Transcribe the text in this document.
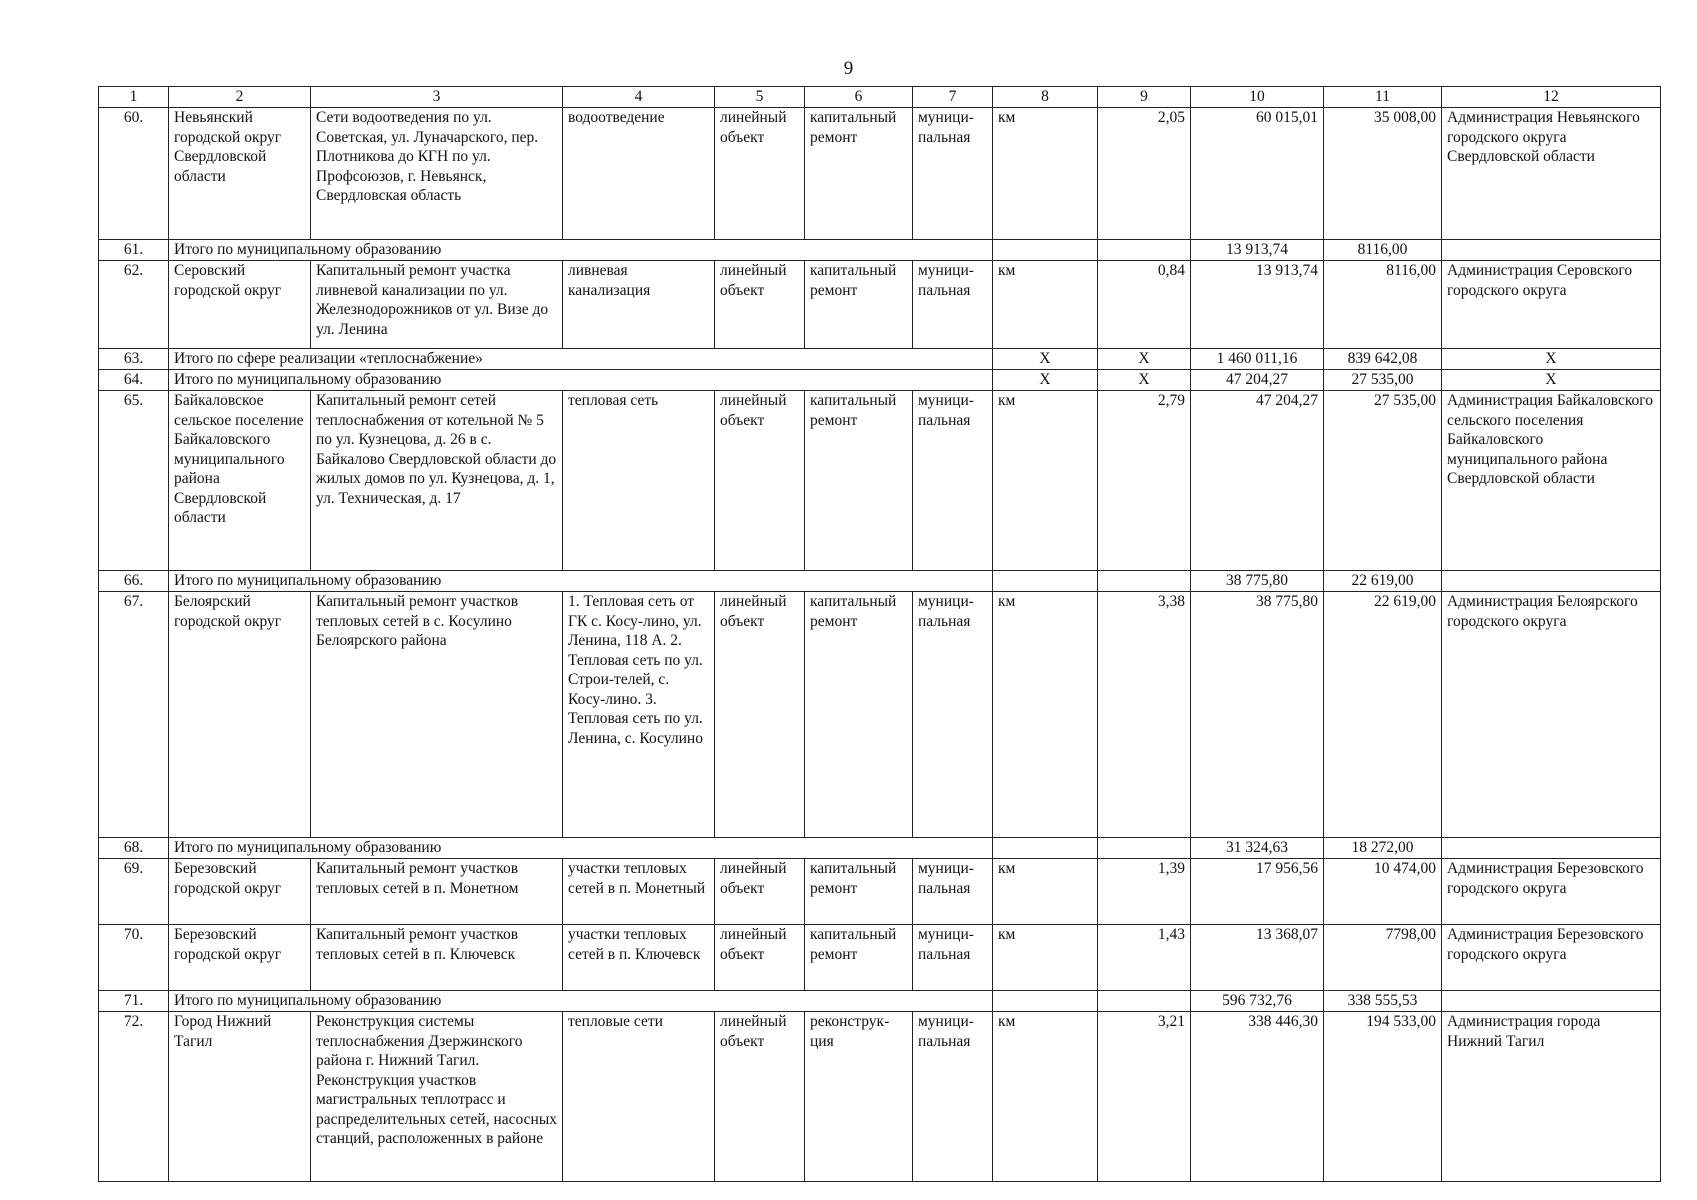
9
1	2	3	4	5	6	7	8	9	10	11	12
60.	Невьянский городской округ Свердловской области	Сети водоотведения по ул. Советская, ул. Луначарского, пер. Плотникова до КГН по ул. Профсоюзов, г. Невьянск, Свердловская область	водоотведение	линейный объект	капитальный ремонт	муници-пальная	км	2,05	60 015,01	35 008,00	Администрация Невьянского городского округа Свердловской области
61.	Итого по муниципальному образованию								13 913,74	8116,00	
62.	Серовский городской округ	Капитальный ремонт участка ливневой канализации по ул. Железнодорожников от ул. Визе до ул. Ленина	ливневая канализация	линейный объект	капитальный ремонт	муници-пальная	км	0,84	13 913,74	8116,00	Администрация Серовского городского округа
63.	Итого по сфере реализации «теплоснабжение»						Х	Х	1 460 011,16	839 642,08	Х
64.	Итого по муниципальному образованию						Х	Х	47 204,27	27 535,00	Х
65.	Байкаловское сельское поселение Байкаловского муниципального района Свердловской области	Капитальный ремонт сетей теплоснабжения от котельной № 5 по ул. Кузнецова, д. 26 в с. Байкалово Свердловской области до жилых домов по ул. Кузнецова, д. 1, ул. Техническая, д. 17	тепловая сеть	линейный объект	капитальный ремонт	муници-пальная	км	2,79	47 204,27	27 535,00	Администрация Байкаловского сельского поселения Байкаловского муниципального района Свердловской области
66.	Итого по муниципальному образованию								38 775,80	22 619,00	
67.	Белоярский городской округ	Капитальный ремонт участков тепловых сетей в с. Косулино Белоярского района	1. Тепловая сеть от ГК с. Косу-лино, ул. Ленина, 118 А. 2. Тепловая сеть по ул. Строи-телей, с. Косу-лино. 3. Тепловая сеть по ул. Ленина, с. Косулино	линейный объект	капитальный ремонт	муници-пальная	км	3,38	38 775,80	22 619,00	Администрация Белоярского городского округа
68.	Итого по муниципальному образованию								31 324,63	18 272,00	
69.	Березовский городской округ	Капитальный ремонт участков тепловых сетей в п. Монетном	участки тепловых сетей в п. Монетный	линейный объект	капитальный ремонт	муници-пальная	км	1,39	17 956,56	10 474,00	Администрация Березовского городского округа
70.	Березовский городской округ	Капитальный ремонт участков тепловых сетей в п. Ключевск	участки тепловых сетей в п. Ключевск	линейный объект	капитальный ремонт	муници-пальная	км	1,43	13 368,07	7798,00	Администрация Березовского городского округа
71.	Итого по муниципальному образованию								596 732,76	338 555,53	
72.	Город Нижний Тагил	Реконструкция системы теплоснабжения Дзержинского района г. Нижний Тагил. Реконструкция участков магистральных теплотрасс и распределительных сетей, насосных станций, расположенных в районе	тепловые сети	линейный объект	реконструк-ция	муници-пальная	км	3,21	338 446,30	194 533,00	Администрация города Нижний Тагил
